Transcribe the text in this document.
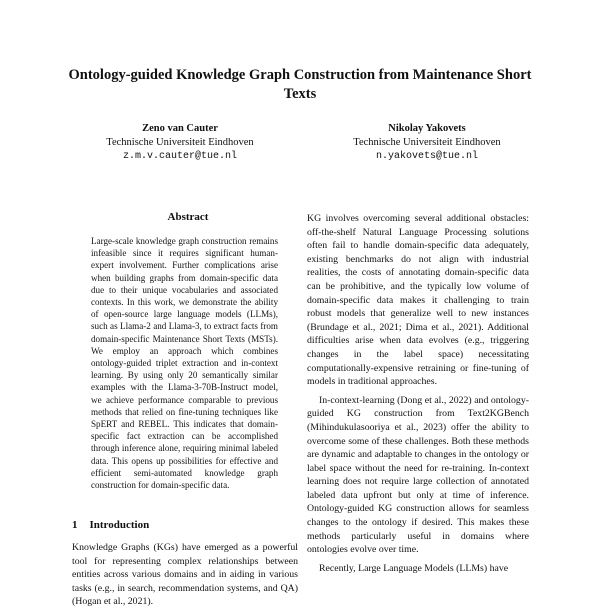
Ontology-guided Knowledge Graph Construction from Maintenance Short Texts
Zeno van Cauter
Technische Universiteit Eindhoven
z.m.v.cauter@tue.nl
Nikolay Yakovets
Technische Universiteit Eindhoven
n.yakovets@tue.nl
Abstract
Large-scale knowledge graph construction remains infeasible since it requires significant human-expert involvement. Further complications arise when building graphs from domain-specific data due to their unique vocabularies and associated contexts. In this work, we demonstrate the ability of open-source large language models (LLMs), such as Llama-2 and Llama-3, to extract facts from domain-specific Maintenance Short Texts (MSTs). We employ an approach which combines ontology-guided triplet extraction and in-context learning. By using only 20 semantically similar examples with the Llama-3-70B-Instruct model, we achieve performance comparable to previous methods that relied on fine-tuning techniques like SpERT and REBEL. This indicates that domain-specific fact extraction can be accomplished through inference alone, requiring minimal labeled data. This opens up possibilities for effective and efficient semi-automated knowledge graph construction for domain-specific data.
1 Introduction
Knowledge Graphs (KGs) have emerged as a powerful tool for representing complex relationships between entities across various domains and in aiding in various tasks (e.g., in search, recommendation systems, and QA) (Hogan et al., 2021).

KG involves overcoming several additional obstacles: off-the-shelf Natural Language Processing solutions often fail to handle domain-specific data adequately, existing benchmarks do not align with industrial realities, the costs of annotating domain-specific data can be prohibitive, and the typically low volume of domain-specific data makes it challenging to train robust models that generalize well to new instances (Brundage et al., 2021; Dima et al., 2021). Additional difficulties arise when data evolves (e.g., triggering changes in the label space) necessitating computationally-expensive retraining or fine-tuning of models in traditional approaches.

In-context-learning (Dong et al., 2022) and ontology-guided KG construction from Text2KGBench (Mihindukulasooriya et al., 2023) offer the ability to overcome some of these challenges. Both these methods are dynamic and adaptable to changes in the ontology or label space without the need for re-training. In-context learning does not require large collection of annotated labeled data upfront but only at time of inference. Ontology-guided KG construction allows for seamless changes to the ontology if desired. This makes these methods particularly useful in domains where ontologies evolve over time.

Recently, Large Language Models (LLMs) have
